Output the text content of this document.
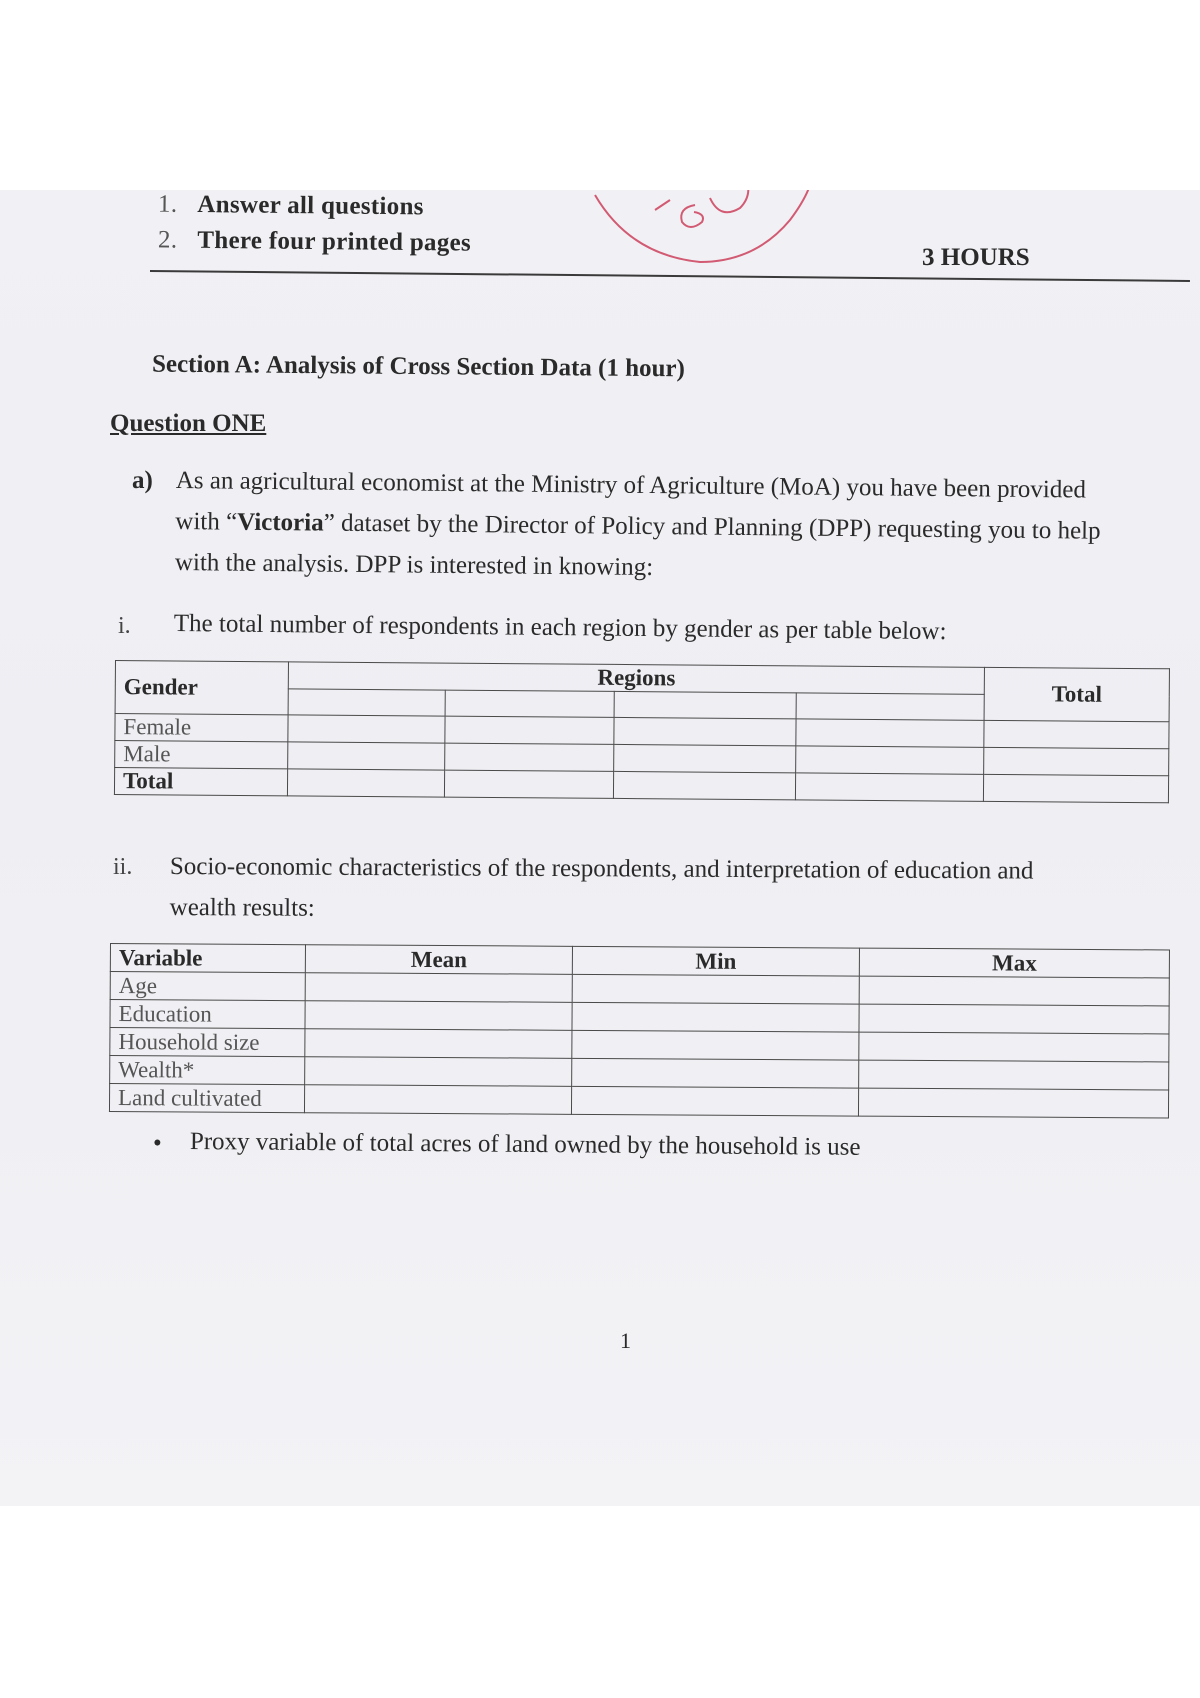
1. Answer all questions
2. There four printed pages
3 HOURS
Section A: Analysis of Cross Section Data (1 hour)
Question ONE
a) As an agricultural economist at the Ministry of Agriculture (MoA) you have been provided
with “Victoria” dataset by the Director of Policy and Planning (DPP) requesting you to help
with the analysis. DPP is interested in knowing:
i. The total number of respondents in each region by gender as per table below:
Gender	Regions				Total

Female					
Male					
Total					
ii. Socio-economic characteristics of the respondents, and interpretation of education and
wealth results:
Variable	Mean	Min	Max
Age			
Education			
Household size			
Wealth*			
Land cultivated			
• Proxy variable of total acres of land owned by the household is use
1
